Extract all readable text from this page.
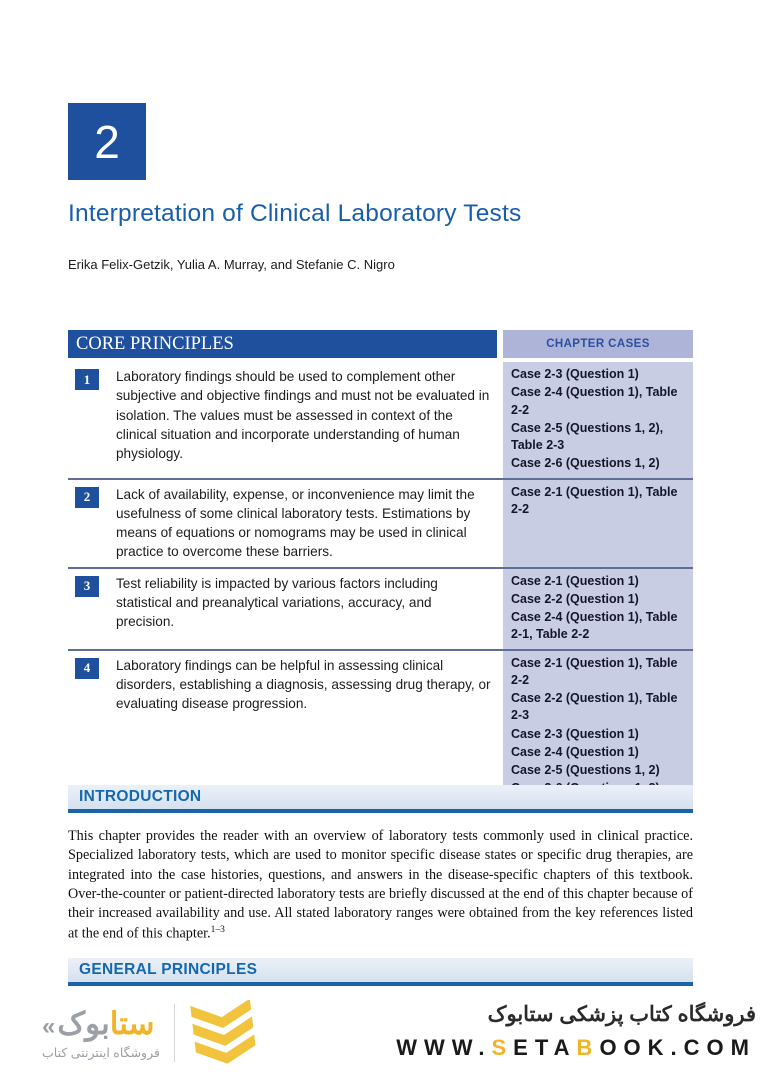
2
Interpretation of Clinical Laboratory Tests
Erika Felix-Getzik, Yulia A. Murray, and Stefanie C. Nigro
CORE PRINCIPLES	CHAPTER CASES
1	Laboratory findings should be used to complement other subjective and objective findings and must not be evaluated in isolation. The values must be assessed in context of the clinical situation and incorporate understanding of human physiology.
Case 2-3 (Question 1)
Case 2-4 (Question 1), Table 2-2
Case 2-5 (Questions 1, 2), Table 2-3
Case 2-6 (Questions 1, 2)
2	Lack of availability, expense, or inconvenience may limit the usefulness of some clinical laboratory tests. Estimations by means of equations or nomograms may be used in clinical practice to overcome these barriers.
Case 2-1 (Question 1), Table 2-2
3	Test reliability is impacted by various factors including statistical and preanalytical variations, accuracy, and precision.
Case 2-1 (Question 1)
Case 2-2 (Question 1)
Case 2-4 (Question 1), Table 2-1, Table 2-2
4	Laboratory findings can be helpful in assessing clinical disorders, establishing a diagnosis, assessing drug therapy, or evaluating disease progression.
Case 2-1 (Question 1), Table 2-2
Case 2-2 (Question 1), Table 2-3
Case 2-3 (Question 1)
Case 2-4 (Question 1)
Case 2-5 (Questions 1, 2)
INTRODUCTION
This chapter provides the reader with an overview of laboratory tests commonly used in clinical practice. Specialized laboratory tests, which are used to monitor specific disease states or specific drug therapies, are integrated into the case histories, questions, and answers in the disease-specific chapters of this textbook. Over-the-counter or patient-directed laboratory tests are briefly discussed at the end of this chapter because of their increased availability and use. All stated laboratory ranges were obtained from the key references listed at the end of this chapter.$^{1-3}$
GENERAL PRINCIPLES
« بوک ستا
فروشگاه اینترنتی کتاب
فروشگاه کتاب پزشکی ستابوک
WWW.SETABOOK.COM
